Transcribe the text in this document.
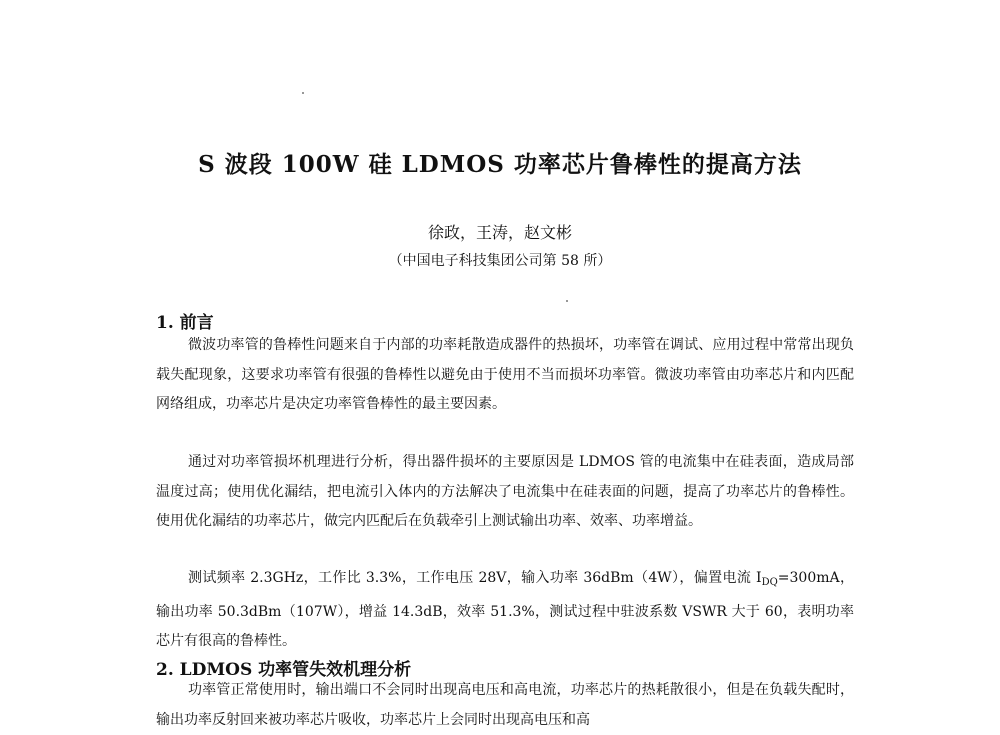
S 波段 100W 硅 LDMOS 功率芯片鲁棒性的提高方法
徐政，王涛，赵文彬
（中国电子科技集团公司第 58 所）
1. 前言

微波功率管的鲁棒性问题来自于内部的功率耗散造成器件的热损坏，功率管在调试、应用过程中常常出现负载失配现象，这要求功率管有很强的鲁棒性以避免由于使用不当而损坏功率管。微波功率管由功率芯片和内匹配网络组成，功率芯片是决定功率管鲁棒性的最主要因素。

通过对功率管损坏机理进行分析，得出器件损坏的主要原因是 LDMOS 管的电流集中在硅表面，造成局部温度过高；使用优化漏结，把电流引入体内的方法解决了电流集中在硅表面的问题，提高了功率芯片的鲁棒性。使用优化漏结的功率芯片，做完内匹配后在负载牵引上测试输出功率、效率、功率增益。

测试频率 2.3GHz，工作比 3.3%，工作电压 28V，输入功率 36dBm（4W），偏置电流 $I_{DQ}=300mA$，输出功率 50.3dBm（107W），增益 14.3dB，效率 51.3%，测试过程中驻波系数 VSWR 大于 60，表明功率芯片有很高的鲁棒性。

2. LDMOS 功率管失效机理分析

功率管正常使用时，输出端口不会同时出现高电压和高电流，功率芯片的热耗散很小，但是在负载失配时，输出功率反射回来被功率芯片吸收，功率芯片上会同时出现高电压和高
